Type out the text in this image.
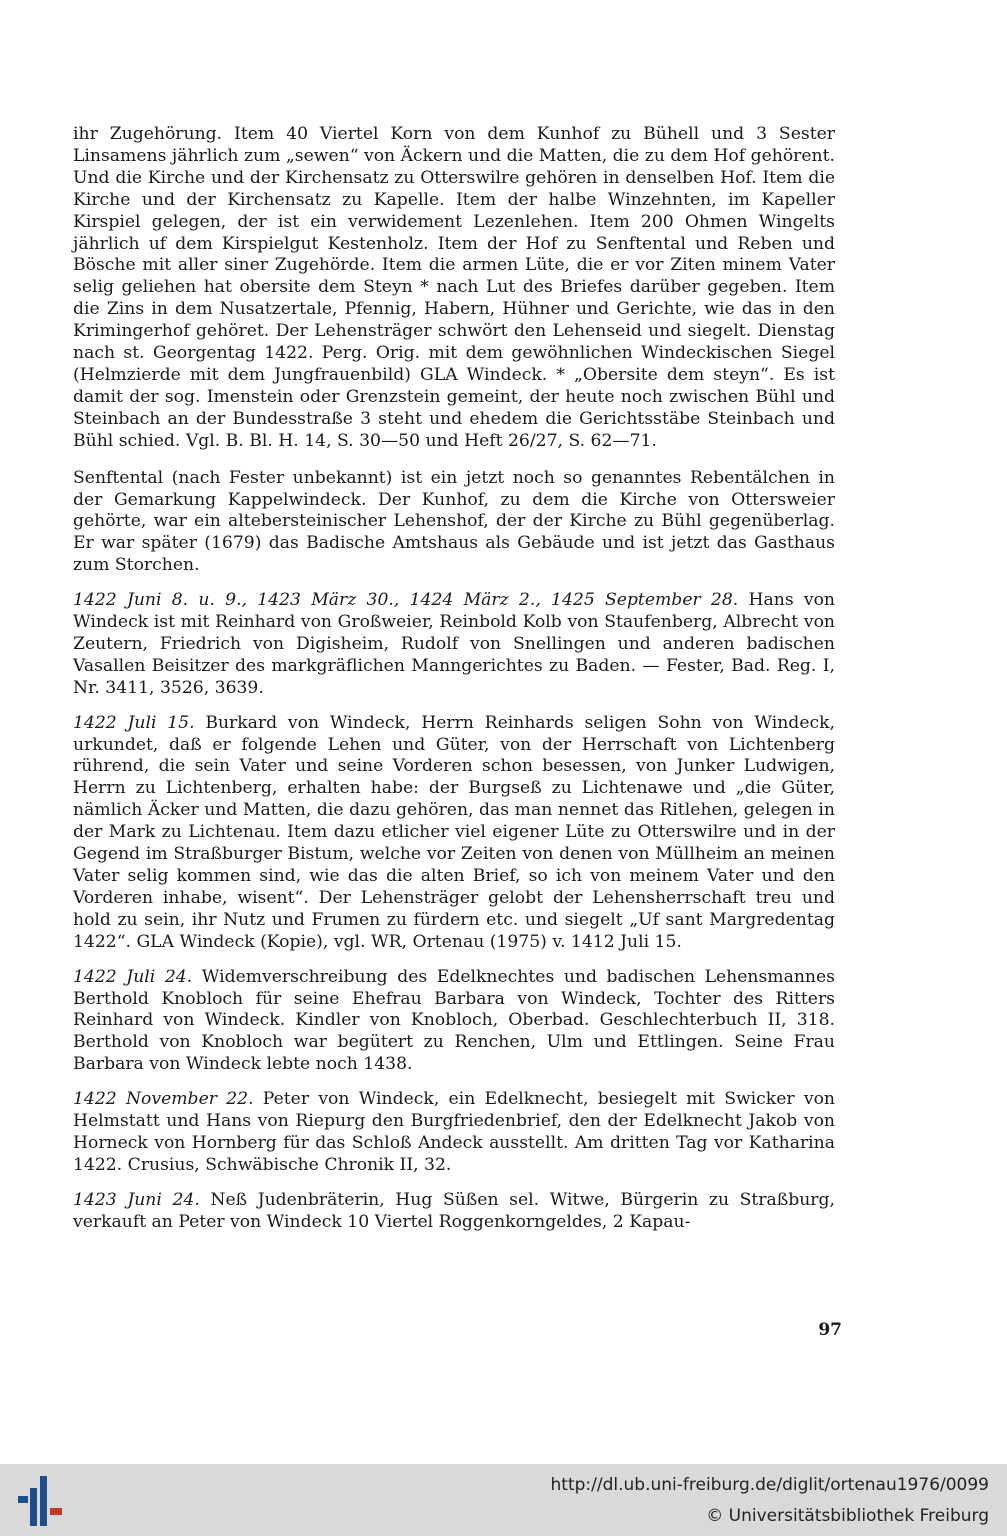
ihr Zugehörung. Item 40 Viertel Korn von dem Kunhof zu Bühell und 3 Sester Linsamens jährlich zum „sewen“ von Äckern und die Matten, die zu dem Hof gehörent. Und die Kirche und der Kirchensatz zu Otterswilre gehören in denselben Hof. Item die Kirche und der Kirchensatz zu Kapelle. Item der halbe Winzehnten, im Kapeller Kirspiel gelegen, der ist ein verwidement Lezenlehen. Item 200 Ohmen Wingelts jährlich uf dem Kirspielgut Kestenholz. Item der Hof zu Senftental und Reben und Bösche mit aller siner Zugehörde. Item die armen Lüte, die er vor Ziten minem Vater selig geliehen hat obersite dem Steyn * nach Lut des Briefes darüber gegeben. Item die Zins in dem Nusatzertale, Pfennig, Habern, Hühner und Gerichte, wie das in den Krimingerhof gehöret. Der Lehensträger schwört den Lehenseid und siegelt. Dienstag nach st. Georgentag 1422. Perg. Orig. mit dem gewöhnlichen Windeckischen Siegel (Helmzierde mit dem Jungfrauenbild) GLA Windeck. * „Obersite dem steyn“. Es ist damit der sog. Imenstein oder Grenzstein gemeint, der heute noch zwischen Bühl und Steinbach an der Bundesstraße 3 steht und ehedem die Gerichtsstäbe Steinbach und Bühl schied. Vgl. B. Bl. H. 14, S. 30—50 und Heft 26/27, S. 62—71.

Senftental (nach Fester unbekannt) ist ein jetzt noch so genanntes Rebentälchen in der Gemarkung Kappelwindeck. Der Kunhof, zu dem die Kirche von Ottersweier gehörte, war ein altebersteinischer Lehenshof, der der Kirche zu Bühl gegenüberlag. Er war später (1679) das Badische Amtshaus als Gebäude und ist jetzt das Gasthaus zum Storchen.

1422 Juni 8. u. 9., 1423 März 30., 1424 März 2., 1425 September 28. Hans von Windeck ist mit Reinhard von Großweier, Reinbold Kolb von Staufenberg, Albrecht von Zeutern, Friedrich von Digisheim, Rudolf von Snellingen und anderen badischen Vasallen Beisitzer des markgräflichen Manngerichtes zu Baden. — Fester, Bad. Reg. I, Nr. 3411, 3526, 3639.

1422 Juli 15. Burkard von Windeck, Herrn Reinhards seligen Sohn von Windeck, urkundet, daß er folgende Lehen und Güter, von der Herrschaft von Lichtenberg rührend, die sein Vater und seine Vorderen schon besessen, von Junker Ludwigen, Herrn zu Lichtenberg, erhalten habe: der Burgseß zu Lichtenawe und „die Güter, nämlich Äcker und Matten, die dazu gehören, das man nennet das Ritlehen, gelegen in der Mark zu Lichtenau. Item dazu etlicher viel eigener Lüte zu Otterswilre und in der Gegend im Straßburger Bistum, welche vor Zeiten von denen von Müllheim an meinen Vater selig kommen sind, wie das die alten Brief, so ich von meinem Vater und den Vorderen inhabe, wisent“. Der Lehensträger gelobt der Lehensherrschaft treu und hold zu sein, ihr Nutz und Frumen zu fürdern etc. und siegelt „Uf sant Margredentag 1422“. GLA Windeck (Kopie), vgl. WR, Ortenau (1975) v. 1412 Juli 15.

1422 Juli 24. Widemverschreibung des Edelknechtes und badischen Lehensmannes Berthold Knobloch für seine Ehefrau Barbara von Windeck, Tochter des Ritters Reinhard von Windeck. Kindler von Knobloch, Oberbad. Geschlechterbuch II, 318. Berthold von Knobloch war begütert zu Renchen, Ulm und Ettlingen. Seine Frau Barbara von Windeck lebte noch 1438.

1422 November 22. Peter von Windeck, ein Edelknecht, besiegelt mit Swicker von Helmstatt und Hans von Riepurg den Burgfriedenbrief, den der Edelknecht Jakob von Horneck von Hornberg für das Schloß Andeck ausstellt. Am dritten Tag vor Katharina 1422. Crusius, Schwäbische Chronik II, 32.

1423 Juni 24. Neß Judenbräterin, Hug Süßen sel. Witwe, Bürgerin zu Straßburg, verkauft an Peter von Windeck 10 Viertel Roggenkorngeldes, 2 Kapau-

97
http://dl.ub.uni-freiburg.de/diglit/ortenau1976/0099
© Universitätsbibliothek Freiburg
